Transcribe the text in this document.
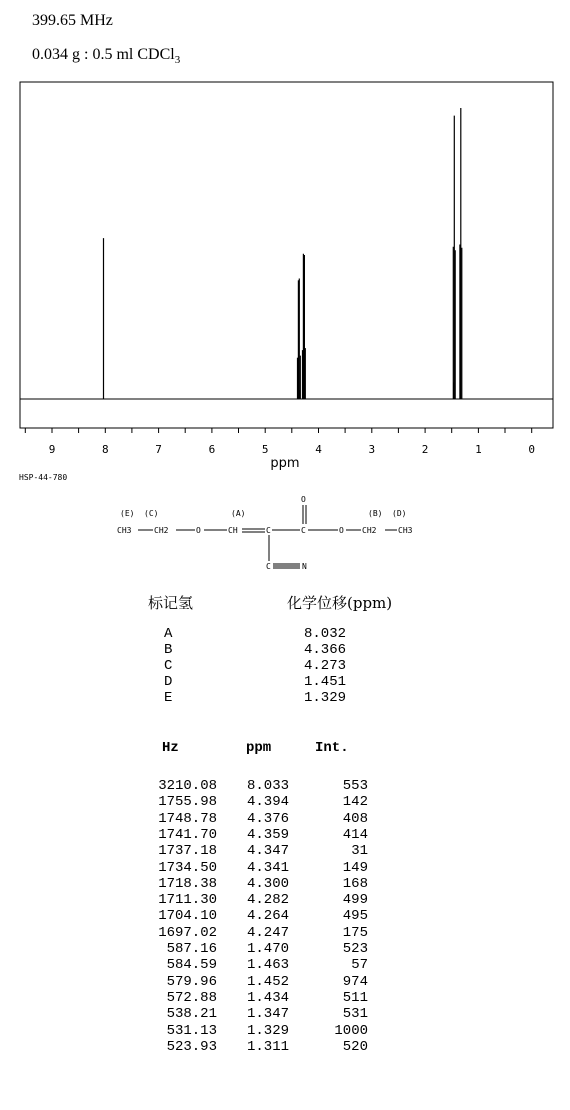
399.65 MHz
0.034 g : 0.5 ml CDCl$_3$
9	8	7	6	5	4	3	2	1	0
ppm
HSP-44-780
(E) (C)	(A)	(B) (D)
CH3	CH2	O	CH	C	C	O CH2	CH3
O
C	N
标记氢	化学位移(ppm)
A	8.032
B	4.366
C	4.273
D	1.451
E	1.329
Hz	ppm	Int.
3210.08 8.033	553
1755.98 4.394	142
1748.78 4.376	408
1741.70 4.359	414
1737.18 4.347	31
1734.50 4.341	149
1718.38 4.300	168
1711.30 4.282	499
1704.10 4.264	495
1697.02 4.247	175
587.16 1.470	523
584.59 1.463	57
579.96 1.452	974
572.88 1.434	511
538.21 1.347	531
531.13 1.329	1000
523.93 1.311	520
